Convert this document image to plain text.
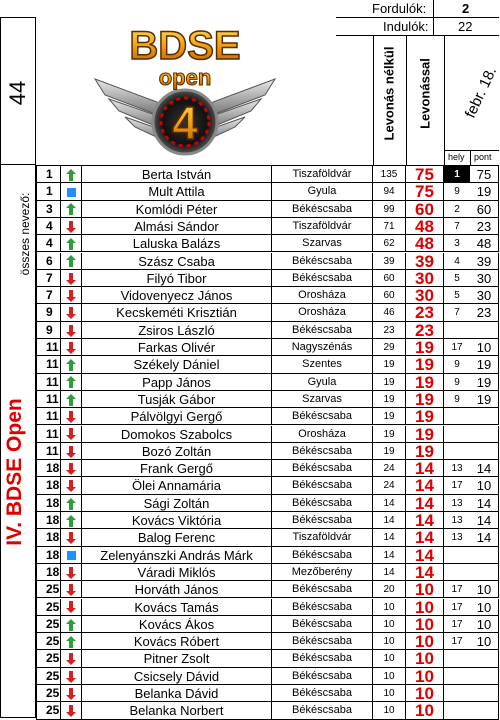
Fordulók:	2
Indulók: 22
44
összes nevező:
IV. BDSE Open
BDSE
open
4	Levonás nélkül Levonással	febr. 18.
hely pont
1	Berta István	Tiszaföldvár	135	75	1	75
1	Mult Attila	Gyula	94	75	9	19
3	Komlódi Péter	Békéscsaba	99	60	2	60
4	Almási Sándor	Tiszaföldvár	71	48	7	23
4	Laluska Balázs	Szarvas	62	48	3	48
6	Szász Csaba	Békéscsaba	39	39	4	39
7	Filyó Tibor	Békéscsaba	60	30	5	30
7	Vidovenyecz János	Orosháza	60	30	5	30
9	Kecskeméti Krisztián	Orosháza	46	23	7	23
9	Zsiros László	Békéscsaba	23	23
11	Farkas Olivér	Nagyszénás	29	19	17	10
11	Székely Dániel	Szentes	19	19	9	19
11	Papp János	Gyula	19	19	9	19
11	Tusják Gábor	Szarvas	19	19	9	19
11	Pálvölgyi Gergő	Békéscsaba	19	19
11	Domokos Szabolcs	Orosháza	19	19
11	Bozó Zoltán	Békéscsaba	19	19
18	Frank Gergő	Békéscsaba	24	14	13	14
18	Ölei Annamária	Békéscsaba	24	14	17	10
18	Sági Zoltán	Békéscsaba	14	14	13	14
18	Kovács Viktória	Békéscsaba	14	14	13	14
18	Balog Ferenc	Tiszaföldvár	14	14	13	14
18	Zelenyánszki András Márk	Békéscsaba	14	14
18	Váradi Miklós	Mezőberény	14	14
25	Horváth János	Békéscsaba	20	10	17	10
25	Kovács Tamás	Békéscsaba	10	10	17	10
25	Kovács Ákos	Békéscsaba	10	10	17	10
25	Kovács Róbert	Békéscsaba	10	10	17	10
25	Pitner Zsolt	Békéscsaba	10	10
25	Csicsely Dávid	Békéscsaba	10	10
25	Belanka Dávid	Békéscsaba	10	10
25	Belanka Norbert	Békéscsaba	10	10
